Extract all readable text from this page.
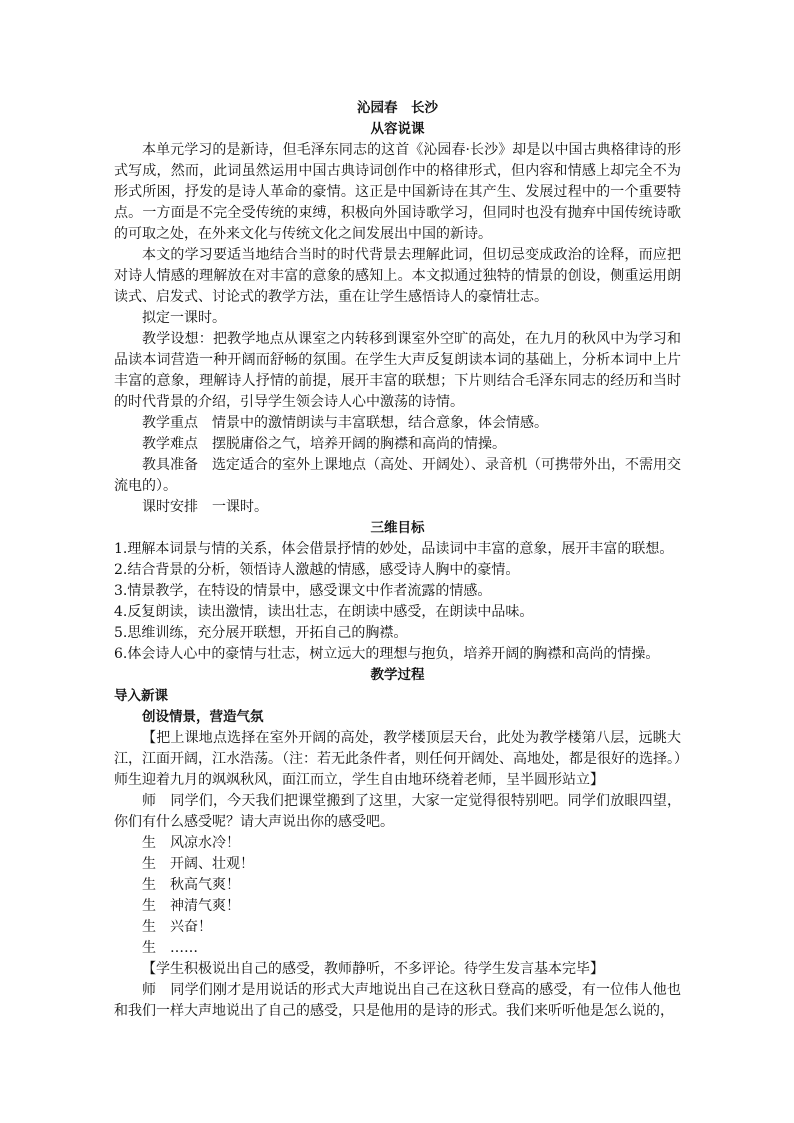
沁园春　长沙
从容说课

本单元学习的是新诗，但毛泽东同志的这首《沁园春·长沙》却是以中国古典格律诗的形式写成，然而，此词虽然运用中国古典诗词创作中的格律形式，但内容和情感上却完全不为形式所困，抒发的是诗人革命的豪情。这正是中国新诗在其产生、发展过程中的一个重要特点。一方面是不完全受传统的束缚，积极向外国诗歌学习，但同时也没有抛弃中国传统诗歌的可取之处，在外来文化与传统文化之间发展出中国的新诗。

本文的学习要适当地结合当时的时代背景去理解此词，但切忌变成政治的诠释，而应把对诗人情感的理解放在对丰富的意象的感知上。本文拟通过独特的情景的创设，侧重运用朗读式、启发式、讨论式的教学方法，重在让学生感悟诗人的豪情壮志。

拟定一课时。

教学设想：把教学地点从课室之内转移到课室外空旷的高处，在九月的秋风中为学习和品读本词营造一种开阔而舒畅的氛围。在学生大声反复朗读本词的基础上，分析本词中上片丰富的意象，理解诗人抒情的前提，展开丰富的联想；下片则结合毛泽东同志的经历和当时的时代背景的介绍，引导学生领会诗人心中激荡的诗情。

教学重点　情景中的激情朗读与丰富联想，结合意象，体会情感。

教学难点　摆脱庸俗之气，培养开阔的胸襟和高尚的情操。

教具准备　选定适合的室外上课地点（高处、开阔处）、录音机（可携带外出，不需用交流电的）。

课时安排　一课时。

三维目标

1.理解本词景与情的关系，体会借景抒情的妙处，品读词中丰富的意象，展开丰富的联想。

2.结合背景的分析，领悟诗人激越的情感，感受诗人胸中的豪情。

3.情景教学，在特设的情景中，感受课文中作者流露的情感。

4.反复朗读，读出激情，读出壮志，在朗读中感受，在朗读中品味。

5.思维训练，充分展开联想，开拓自己的胸襟。

6.体会诗人心中的豪情与壮志，树立远大的理想与抱负，培养开阔的胸襟和高尚的情操。

教学过程
导入新课
创设情景，营造气氛

【把上课地点选择在室外开阔的高处，教学楼顶层天台，此处为教学楼第八层，远眺大江，江面开阔，江水浩荡。（注：若无此条件者，则任何开阔处、高地处，都是很好的选择。）师生迎着九月的飒飒秋风，面江而立，学生自由地环绕着老师，呈半圆形站立】

师　同学们，今天我们把课堂搬到了这里，大家一定觉得很特别吧。同学们放眼四望，你们有什么感受呢？请大声说出你的感受吧。

生　风凉水冷！
生　开阔、壮观！
生　秋高气爽！
生　神清气爽！
生　兴奋！
生　……

【学生积极说出自己的感受，教师静听，不多评论。待学生发言基本完毕】

师　同学们刚才是用说话的形式大声地说出自己在这秋日登高的感受，有一位伟人他也和我们一样大声地说出了自己的感受，只是他用的是诗的形式。我们来听听他是怎么说的，
